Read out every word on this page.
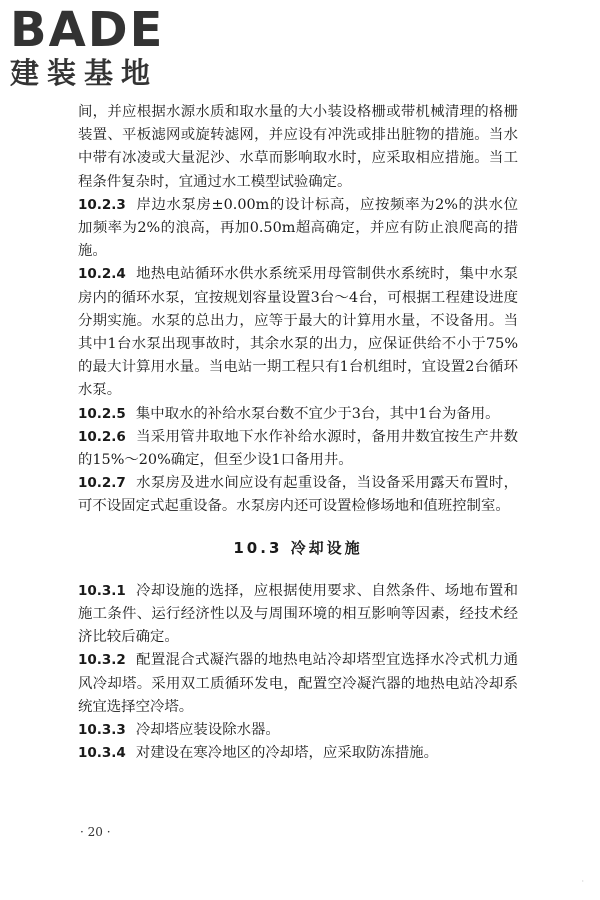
BADE
建装基地
间，并应根据水源水质和取水量的大小装设格栅或带机械清理的格栅装置、平板滤网或旋转滤网，并应设有冲洗或排出脏物的措施。当水中带有冰凌或大量泥沙、水草而影响取水时，应采取相应措施。当工程条件复杂时，宜通过水工模型试验确定。
10.2.3 岸边水泵房±0.00m的设计标高，应按频率为2%的洪水位加频率为2%的浪高，再加0.50m超高确定，并应有防止浪爬高的措施。
10.2.4 地热电站循环水供水系统采用母管制供水系统时，集中水泵房内的循环水泵，宜按规划容量设置3台～4台，可根据工程建设进度分期实施。水泵的总出力，应等于最大的计算用水量，不设备用。当其中1台水泵出现事故时，其余水泵的出力，应保证供给不小于75%的最大计算用水量。当电站一期工程只有1台机组时，宜设置2台循环水泵。
10.2.5 集中取水的补给水泵台数不宜少于3台，其中1台为备用。
10.2.6 当采用管井取地下水作补给水源时，备用井数宜按生产井数的15%～20%确定，但至少设1口备用井。
10.2.7 水泵房及进水间应设有起重设备，当设备采用露天布置时，可不设固定式起重设备。水泵房内还可设置检修场地和值班控制室。
10.3 冷却设施
10.3.1 冷却设施的选择，应根据使用要求、自然条件、场地布置和施工条件、运行经济性以及与周围环境的相互影响等因素，经技术经济比较后确定。
10.3.2 配置混合式凝汽器的地热电站冷却塔型宜选择水冷式机力通风冷却塔。采用双工质循环发电，配置空冷凝汽器的地热电站冷却系统宜选择空冷塔。
10.3.3 冷却塔应装设除水器。
10.3.4 对建设在寒冷地区的冷却塔，应采取防冻措施。
· 20 ·
·
